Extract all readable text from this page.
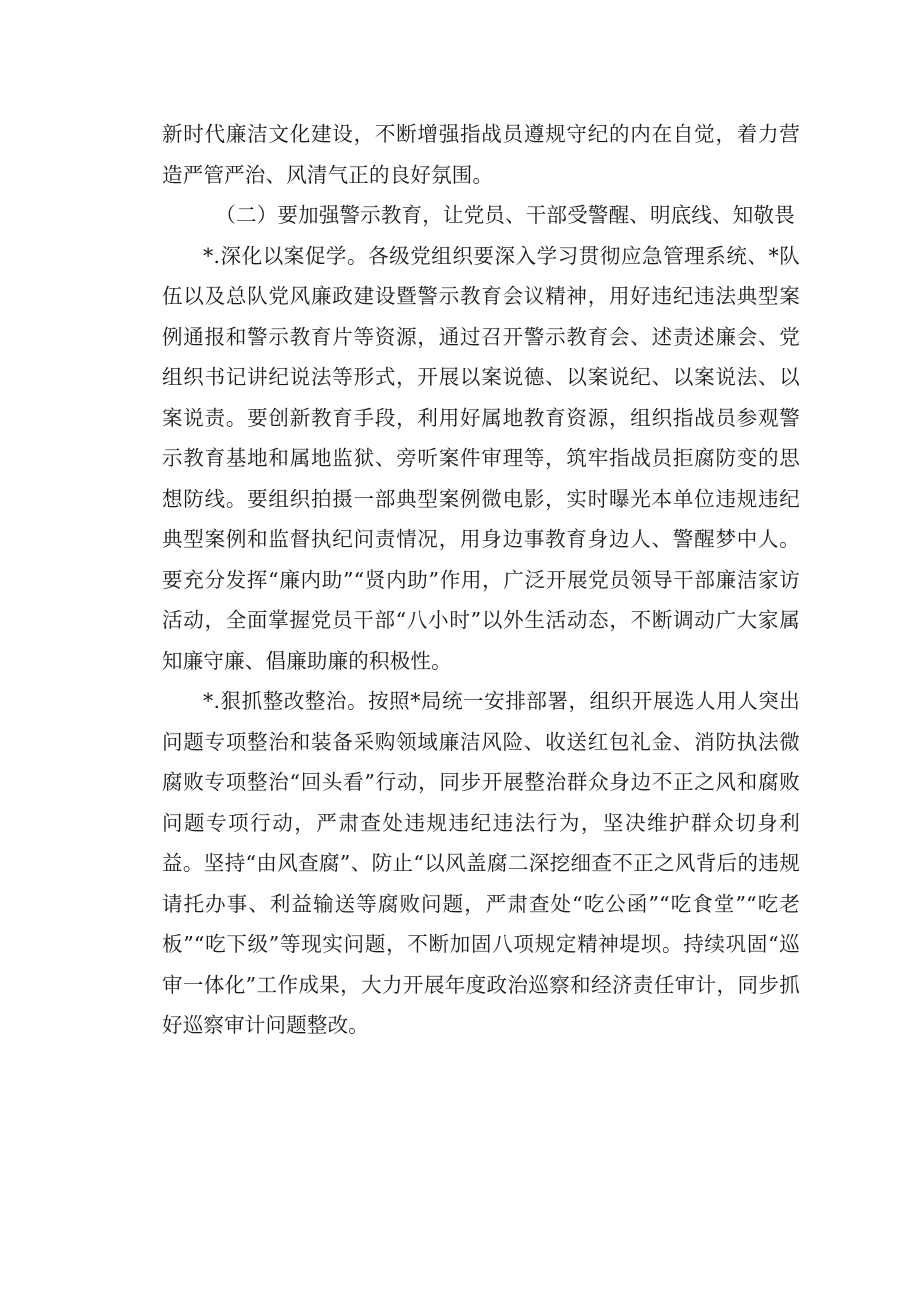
新时代廉洁文化建设，不断增强指战员遵规守纪的内在自觉，着力营造严管严治、风清气正的良好氛围。

（二）要加强警示教育，让党员、干部受警醒、明底线、知敬畏

*.深化以案促学。各级党组织要深入学习贯彻应急管理系统、*队伍以及总队党风廉政建设暨警示教育会议精神，用好违纪违法典型案例通报和警示教育片等资源，通过召开警示教育会、述责述廉会、党组织书记讲纪说法等形式，开展以案说德、以案说纪、以案说法、以案说责。要创新教育手段，利用好属地教育资源，组织指战员参观警示教育基地和属地监狱、旁听案件审理等，筑牢指战员拒腐防变的思想防线。要组织拍摄一部典型案例微电影，实时曝光本单位违规违纪典型案例和监督执纪问责情况，用身边事教育身边人、警醒梦中人。要充分发挥“廉内助”“贤内助”作用，广泛开展党员领导干部廉洁家访活动，全面掌握党员干部“八小时”以外生活动态，不断调动广大家属知廉守廉、倡廉助廉的积极性。

*.狠抓整改整治。按照*局统一安排部署，组织开展选人用人突出问题专项整治和装备采购领域廉洁风险、收送红包礼金、消防执法微腐败专项整治“回头看”行动，同步开展整治群众身边不正之风和腐败问题专项行动，严肃查处违规违纪违法行为，坚决维护群众切身利益。坚持“由风查腐”、防止“以风盖腐二深挖细查不正之风背后的违规请托办事、利益输送等腐败问题，严肃查处“吃公函”“吃食堂”“吃老板”“吃下级”等现实问题，不断加固八项规定精神堤坝。持续巩固“巡审一体化”工作成果，大力开展年度政治巡察和经济责任审计，同步抓好巡察审计问题整改。
